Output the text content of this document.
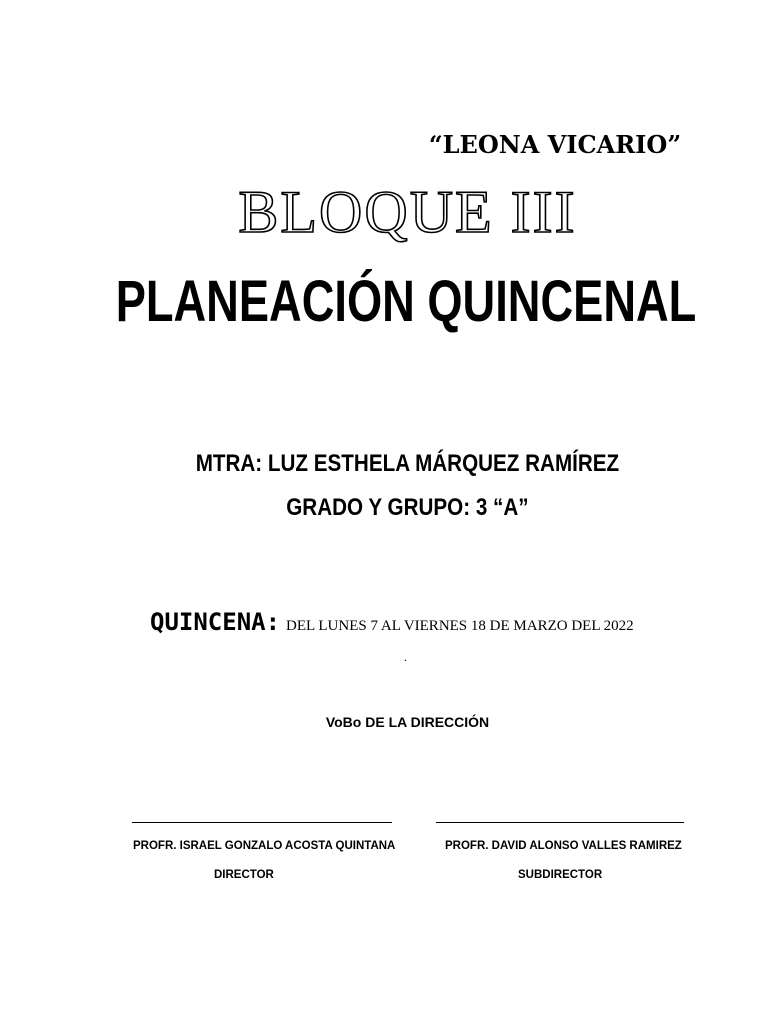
“LEONA VICARIO”
BLOQUE III
PLANEACIÓN QUINCENAL
MTRA: LUZ ESTHELA MÁRQUEZ RAMÍREZ
GRADO Y GRUPO: 3 “A”
QUINCENA: DEL LUNES 7 AL VIERNES 18 DE MARZO DEL 2022
.
VoBo DE LA DIRECCIÓN
PROFR. ISRAEL GONZALO ACOSTA QUINTANA	PROFR. DAVID ALONSO VALLES RAMIREZ
DIRECTOR	SUBDIRECTOR
